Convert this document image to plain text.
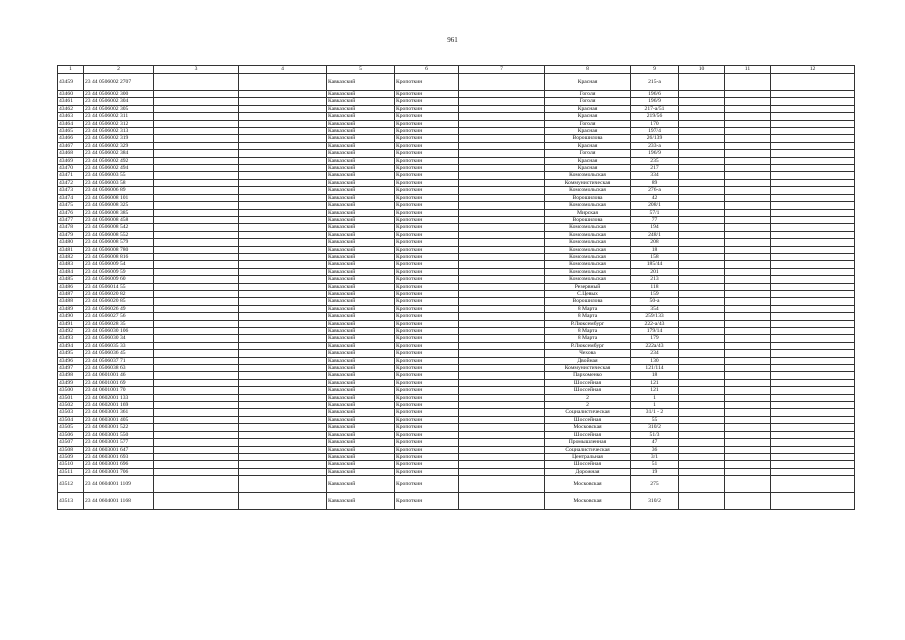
961
1	2	3	4	5	6	7	8	9	10	11	12
43459	23 44 0506002 2707			Кавказский	Кропоткин		Красная	215-а			
43460	23 44 0506002 300			Кавказский	Кропоткин		Гоголя	196/6			
43461	23 44 0506002 304			Кавказский	Кропоткин		Гоголя	196/9			
43462	23 44 0506002 305			Кавказский	Кропоткин		Красная	217-а/51			
43463	23 44 0506002 311			Кавказский	Кропоткин		Красная	219/56			
43464	23 44 0506002 312			Кавказский	Кропоткин		Гоголя	170			
43465	23 44 0506002 313			Кавказский	Кропоткин		Красная	197/4			
43466	23 44 0506002 319			Кавказский	Кропоткин		Ворошилова	26/139			
43467	23 44 0506002 329			Кавказский	Кропоткин		Красная	233-а			
43468	23 44 0506002 384			Кавказский	Кропоткин		Гоголя	196/9			
43469	23 44 0506002 492			Кавказский	Кропоткин		Красная	235			
43470	23 44 0506002 494			Кавказский	Кропоткин		Красная	217			
43471	23 44 0506003 55			Кавказский	Кропоткин		Комсомольская	334			
43472	23 44 0506003 58			Кавказский	Кропоткин		Коммунистическая	89			
43473	23 44 0506006 89			Кавказский	Кропоткин		Комсомольская	276-а			
43474	23 44 0506008 101			Кавказский	Кропоткин		Ворошилова	42			
43475	23 44 0506008 325			Кавказский	Кропоткин		Комсомольская	208/1			
43476	23 44 0506008 385			Кавказский	Кропоткин		Мирская	57/1			
43477	23 44 0506008 458			Кавказский	Кропоткин		Ворошилова	77			
43478	23 44 0506008 542			Кавказский	Кропоткин		Комсомольская	194			
43479	23 44 0506008 552			Кавказский	Кропоткин		Комсомольская	248/1			
43480	23 44 0506008 579			Кавказский	Кропоткин		Комсомольская	208			
43481	23 44 0506008 780			Кавказский	Кропоткин		Комсомольская	18			
43482	23 44 0506008 816			Кавказский	Кропоткин		Комсомольская	158			
43483	23 44 0506009 54			Кавказский	Кропоткин		Комсомольская	185/44			
43484	23 44 0506009 59			Кавказский	Кропоткин		Комсомольская	201			
43485	23 44 0506009 60			Кавказский	Кропоткин		Комсомольская	213			
43486	23 44 0506014 55			Кавказский	Кропоткин		Резервный	118			
43487	23 44 0506020 82			Кавказский	Кропоткин		С.Цевых	159			
43488	23 44 0506020 85			Кавказский	Кропоткин		Ворошилова	50-а			
43489	23 44 0506026 49			Кавказский	Кропоткин		8 Марта	354			
43490	23 44 0506027 56			Кавказский	Кропоткин		8 Марта	259/133			
43491	23 44 0506028 35			Кавказский	Кропоткин		Р.Люксембург	222-а/43			
43492	23 44 0506030 106			Кавказский	Кропоткин		8 Марта	179/14			
43493	23 44 0506030 34			Кавказский	Кропоткин		8 Марта	179			
43494	23 44 0506035 33			Кавказский	Кропоткин		Р.Люксембург	222а/43			
43495	23 44 0506036 45			Кавказский	Кропоткин		Чехова	234			
43496	23 44 0506037 71			Кавказский	Кропоткин		Двойная	130			
43497	23 44 0506038 63			Кавказский	Кропоткин		Коммунистическая	121/114			
43498	23 44 0601001 46			Кавказский	Кропоткин		Пархоменко	18			
43499	23 44 0601001 69			Кавказский	Кропоткин		Шоссейная	121			
43500	23 44 0601001 70			Кавказский	Кропоткин		Шоссейная	121			
43501	23 44 0602001 133			Кавказский	Кропоткин		2	1			
43502	23 44 0602001 169			Кавказский	Кропоткин		2	1			
43503	23 44 0603001 361			Кавказский	Кропоткин		Социалистическая	31/1 - 2			
43504	23 44 0603001 405			Кавказский	Кропоткин		Шоссейная	55			
43505	23 44 0603001 522			Кавказский	Кропоткин		Московская	310/2			
43506	23 44 0603001 550			Кавказский	Кропоткин		Шоссейная	51/3			
43507	23 44 0603001 577			Кавказский	Кропоткин		Промышленная	47			
43508	23 44 0603001 647			Кавказский	Кропоткин		Социалистическая	36			
43509	23 44 0603001 693			Кавказский	Кропоткин		Центральная	3/1			
43510	23 44 0603001 696			Кавказский	Кропоткин		Шоссейная	51			
43511	23 44 0603001 706			Кавказский	Кропоткин		Дорожная	19			
43512	23 44 0604001 1109			Кавказский	Кропоткин		Московская	275			
43513	23 44 0604001 1168			Кавказский	Кропоткин		Московская	310/2			
